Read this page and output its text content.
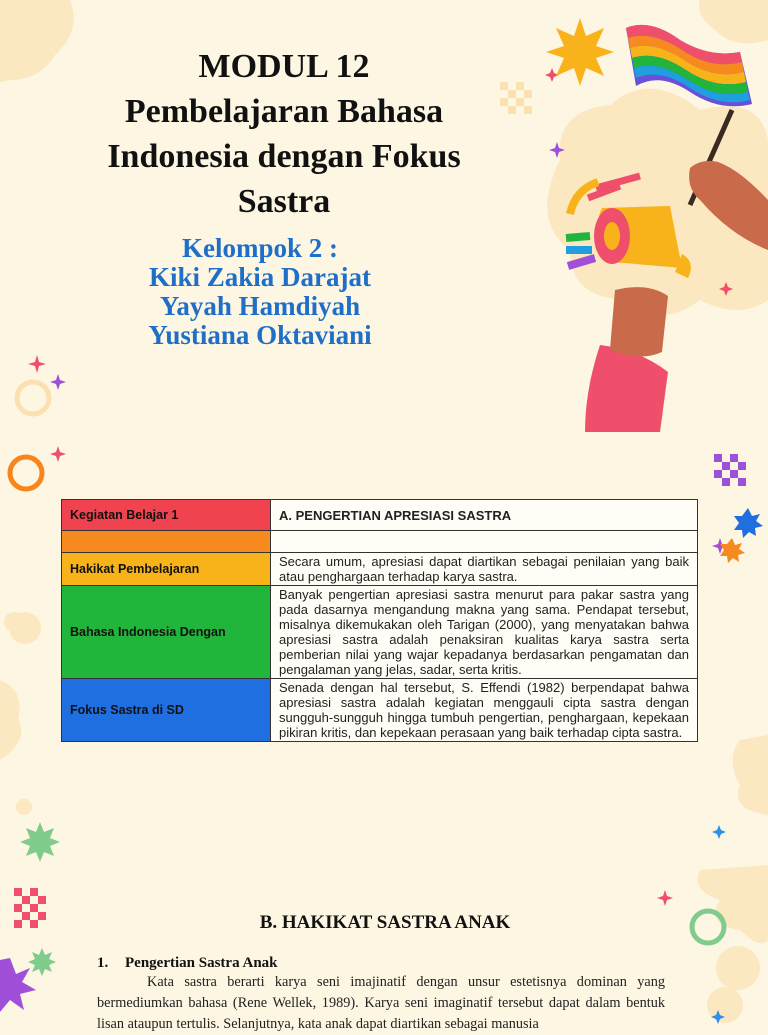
MODUL 12
Pembelajaran Bahasa
Indonesia dengan Fokus
Sastra
Kelompok 2 :
Kiki Zakia Darajat
Yayah Hamdiyah
Yustiana Oktaviani
Kegiatan Belajar 1	A. PENGERTIAN APRESIASI SASTRA

Hakikat Pembelajaran	Secara umum, apresiasi dapat diartikan sebagai penilaian yang baik atau penghargaan terhadap karya sastra.
Bahasa Indonesia Dengan	Banyak pengertian apresiasi sastra menurut para pakar sastra yang pada dasarnya mengandung makna yang sama. Pendapat tersebut, misalnya dikemukakan oleh Tarigan (2000), yang menyatakan bahwa apresiasi sastra adalah penaksiran kualitas karya sastra serta pemberian nilai yang wajar kepadanya berdasarkan pengamatan dan pengalaman yang jelas, sadar, serta kritis.
Fokus Sastra di SD	Senada dengan hal tersebut, S. Effendi (1982) berpendapat bahwa apresiasi sastra adalah kegiatan menggauli cipta sastra dengan sungguh-sungguh hingga tumbuh pengertian, penghargaan, kepekaan pikiran kritis, dan kepekaan perasaan yang baik terhadap cipta sastra.
B. HAKIKAT SASTRA ANAK
1. Pengertian Sastra Anak
Kata sastra berarti karya seni imajinatif dengan unsur estetisnya dominan yang bermediumkan bahasa (Rene Wellek, 1989). Karya seni imaginatif tersebut dapat dalam bentuk lisan ataupun tertulis. Selanjutnya, kata anak dapat diartikan sebagai manusia
